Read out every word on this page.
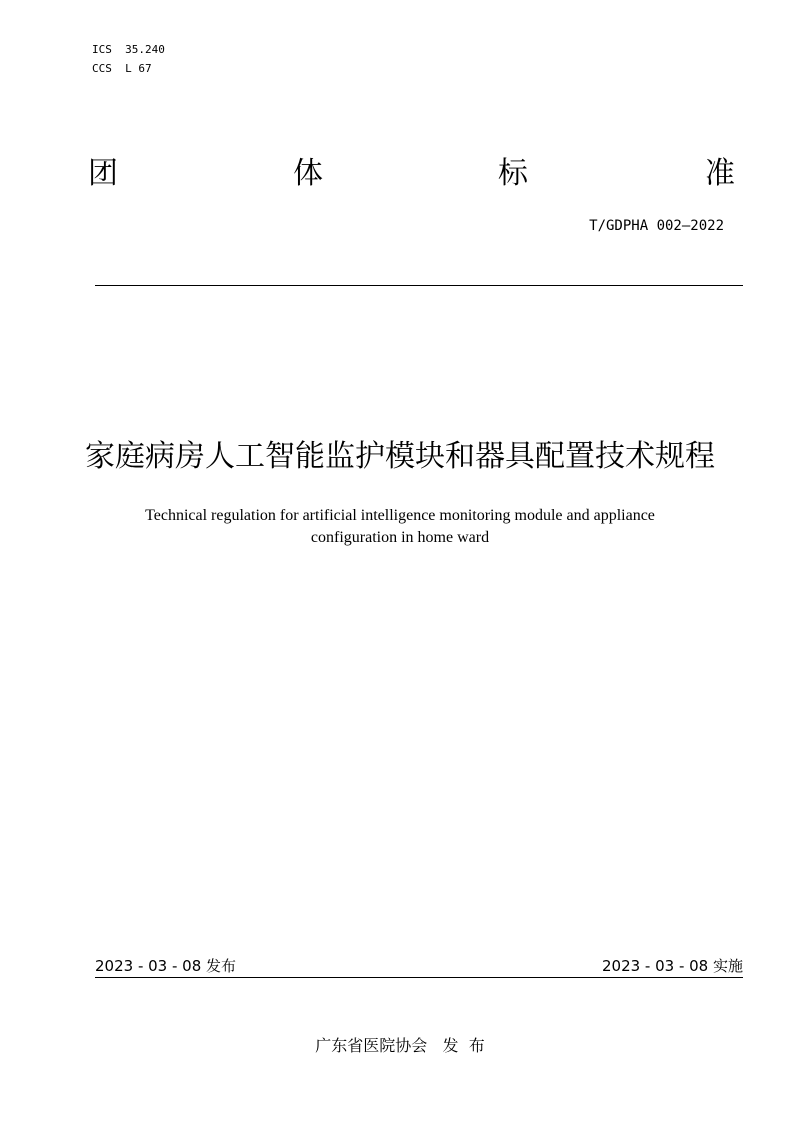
ICS  35.240
CCS  L 67
团	体	标	准
T/GDPHA 002—2022
家庭病房人工智能监护模块和器具配置技术规程
Technical regulation for artificial intelligence monitoring module and appliance
configuration in home ward
2023 - 03 - 08 发布	2023 - 03 - 08 实施
广东省医院协会   发  布
